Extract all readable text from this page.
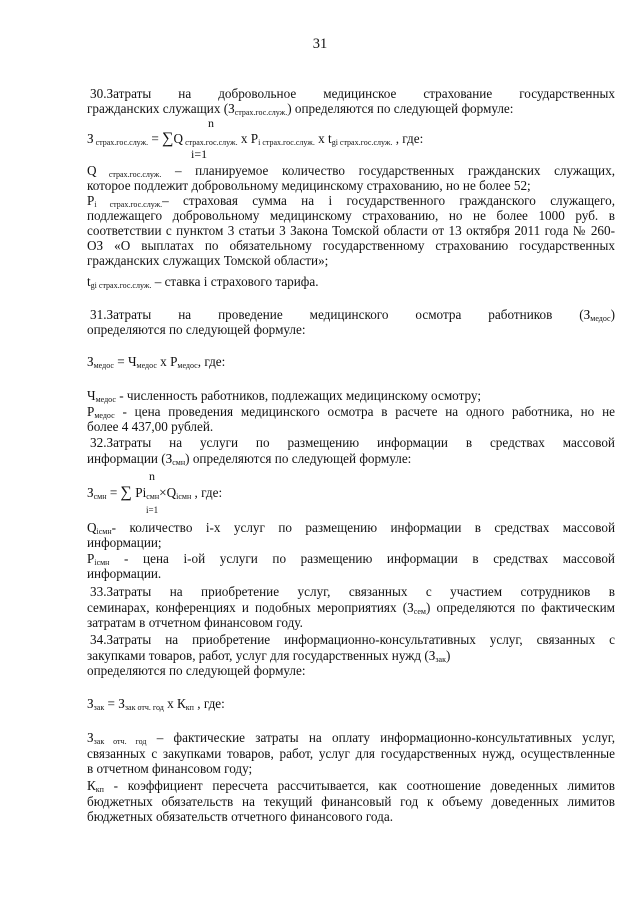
31
30.Затраты на добровольное медицинское страхование государственных
гражданских служащих $(З_{страх.гос.служ.})$ определяются по следующей формуле:
n
З $_{страх.гос.служ.}$ = ∑Q $_{страх.гос.служ.}$ x $P_{i страх.гос.служ.}$ x $t_{gi страх.гос.служ.}$ , где:
i=1
Q $_{страх.гос.служ.}$ – планируемое количество государственных гражданских служащих,
которое подлежит добровольному медицинскому страхованию, но не более 52;
$P_{i страх.гос.служ.}-$ страховая сумма на i государственного гражданского служащего,
подлежащего добровольному медицинскому страхованию, но не более 1000 руб. в
соответствии с пунктом 3 статьи 3 Закона Томской области от 13 октября 2011 года № 260-
ОЗ «О выплатах по обязательному государственному страхованию государственных
гражданских служащих Томской области»;
$t_{gi страх.гос.служ.}$ – ставка i страхового тарифа.
31.Затраты на проведение медицинского осмотра работников $(З_{медос})$
определяются по следующей формуле:
$З_{медос} = Ч_{медос}$ х $Р_{медос}$, где:
$Ч_{медос}$ - численность работников, подлежащих медицинскому осмотру;
$Р_{медос}$ - цена проведения медицинского осмотра в расчете на одного работника, но не
более 4 437,00 рублей.
32.Затраты на услуги по размещению информации в средствах массовой
информации $(З_{смн})$ определяются по следующей формуле:
n
$З_{смн}$ = ∑ $Pi_{смн}\times Q_{iсмн}$ , где:
i=1
$Q_{iсмн}-$ количество i-х услуг по размещению информации в средствах массовой
информации;
$P_{iсмн}$ - цена i-ой услуги по размещению информации в средствах массовой
информации.
33.Затраты на приобретение услуг, связанных с участием сотрудников в
семинарах, конференциях и подобных мероприятиях $(З_{сем})$ определяются по фактическим
затратам в отчетном финансовом году.
34.Затраты на приобретение информационно-консультативных услуг, связанных с
закупками товаров, работ, услуг для государственных нужд $(З_{зак})$
определяются по следующей формуле:
$З_{зак} = З_{зак отч. год}$ х $К_{кп}$ , где:
$З_{зак отч. год}$ – фактические затраты на оплату информационно-консультативных услуг,
связанных с закупками товаров, работ, услуг для государственных нужд, осуществленные
в отчетном финансовом году;
$К_{кп}$ - коэффициент пересчета рассчитывается, как соотношение доведенных лимитов
бюджетных обязательств на текущий финансовый год к объему доведенных лимитов
бюджетных обязательств отчетного финансового года.
